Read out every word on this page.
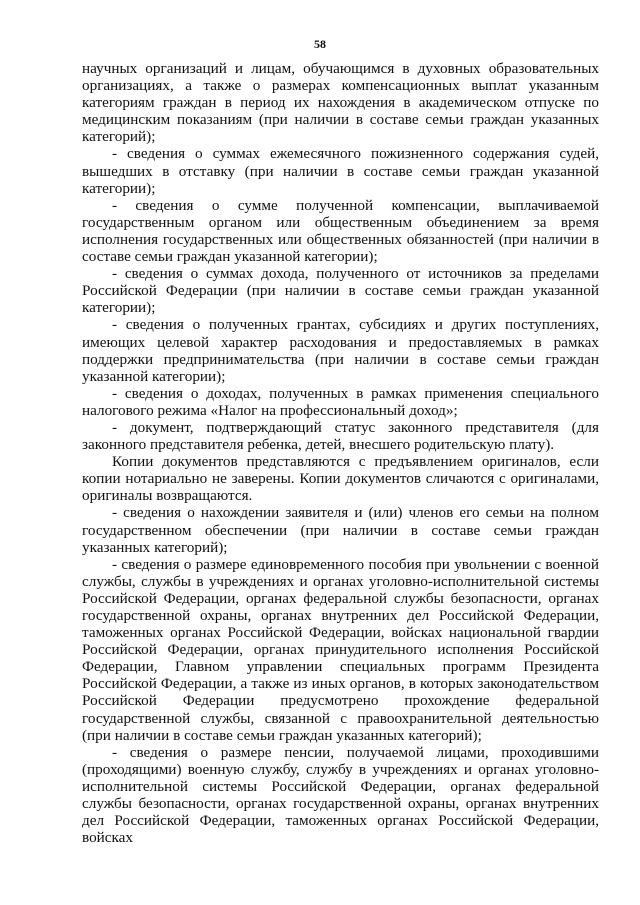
58

научных организаций и лицам, обучающимся в духовных образовательных организациях, а также о размерах компенсационных выплат указанным категориям граждан в период их нахождения в академическом отпуске по медицинским показаниям (при наличии в составе семьи граждан указанных категорий);

- сведения о суммах ежемесячного пожизненного содержания судей, вышедших в отставку (при наличии в составе семьи граждан указанной категории);

- сведения о сумме полученной компенсации, выплачиваемой государственным органом или общественным объединением за время исполнения государственных или общественных обязанностей (при наличии в составе семьи граждан указанной категории);

- сведения о суммах дохода, полученного от источников за пределами Российской Федерации (при наличии в составе семьи граждан указанной категории);

- сведения о полученных грантах, субсидиях и других поступлениях, имеющих целевой характер расходования и предоставляемых в рамках поддержки предпринимательства (при наличии в составе семьи граждан указанной категории);

- сведения о доходах, полученных в рамках применения специального налогового режима «Налог на профессиональный доход»;

- документ, подтверждающий статус законного представителя (для законного представителя ребенка, детей, внесшего родительскую плату).

Копии документов представляются с предъявлением оригиналов, если копии нотариально не заверены. Копии документов сличаются с оригиналами, оригиналы возвращаются.

- сведения о нахождении заявителя и (или) членов его семьи на полном государственном обеспечении (при наличии в составе семьи граждан указанных категорий);

- сведения о размере единовременного пособия при увольнении с военной службы, службы в учреждениях и органах уголовно-исполнительной системы Российской Федерации, органах федеральной службы безопасности, органах государственной охраны, органах внутренних дел Российской Федерации, таможенных органах Российской Федерации, войсках национальной гвардии Российской Федерации, органах принудительного исполнения Российской Федерации, Главном управлении специальных программ Президента Российской Федерации, а также из иных органов, в которых законодательством Российской Федерации предусмотрено прохождение федеральной государственной службы, связанной с правоохранительной деятельностью (при наличии в составе семьи граждан указанных категорий);

- сведения о размере пенсии, получаемой лицами, проходившими (проходящими) военную службу, службу в учреждениях и органах уголовно-исполнительной системы Российской Федерации, органах федеральной службы безопасности, органах государственной охраны, органах внутренних дел Российской Федерации, таможенных органах Российской Федерации, войсках
